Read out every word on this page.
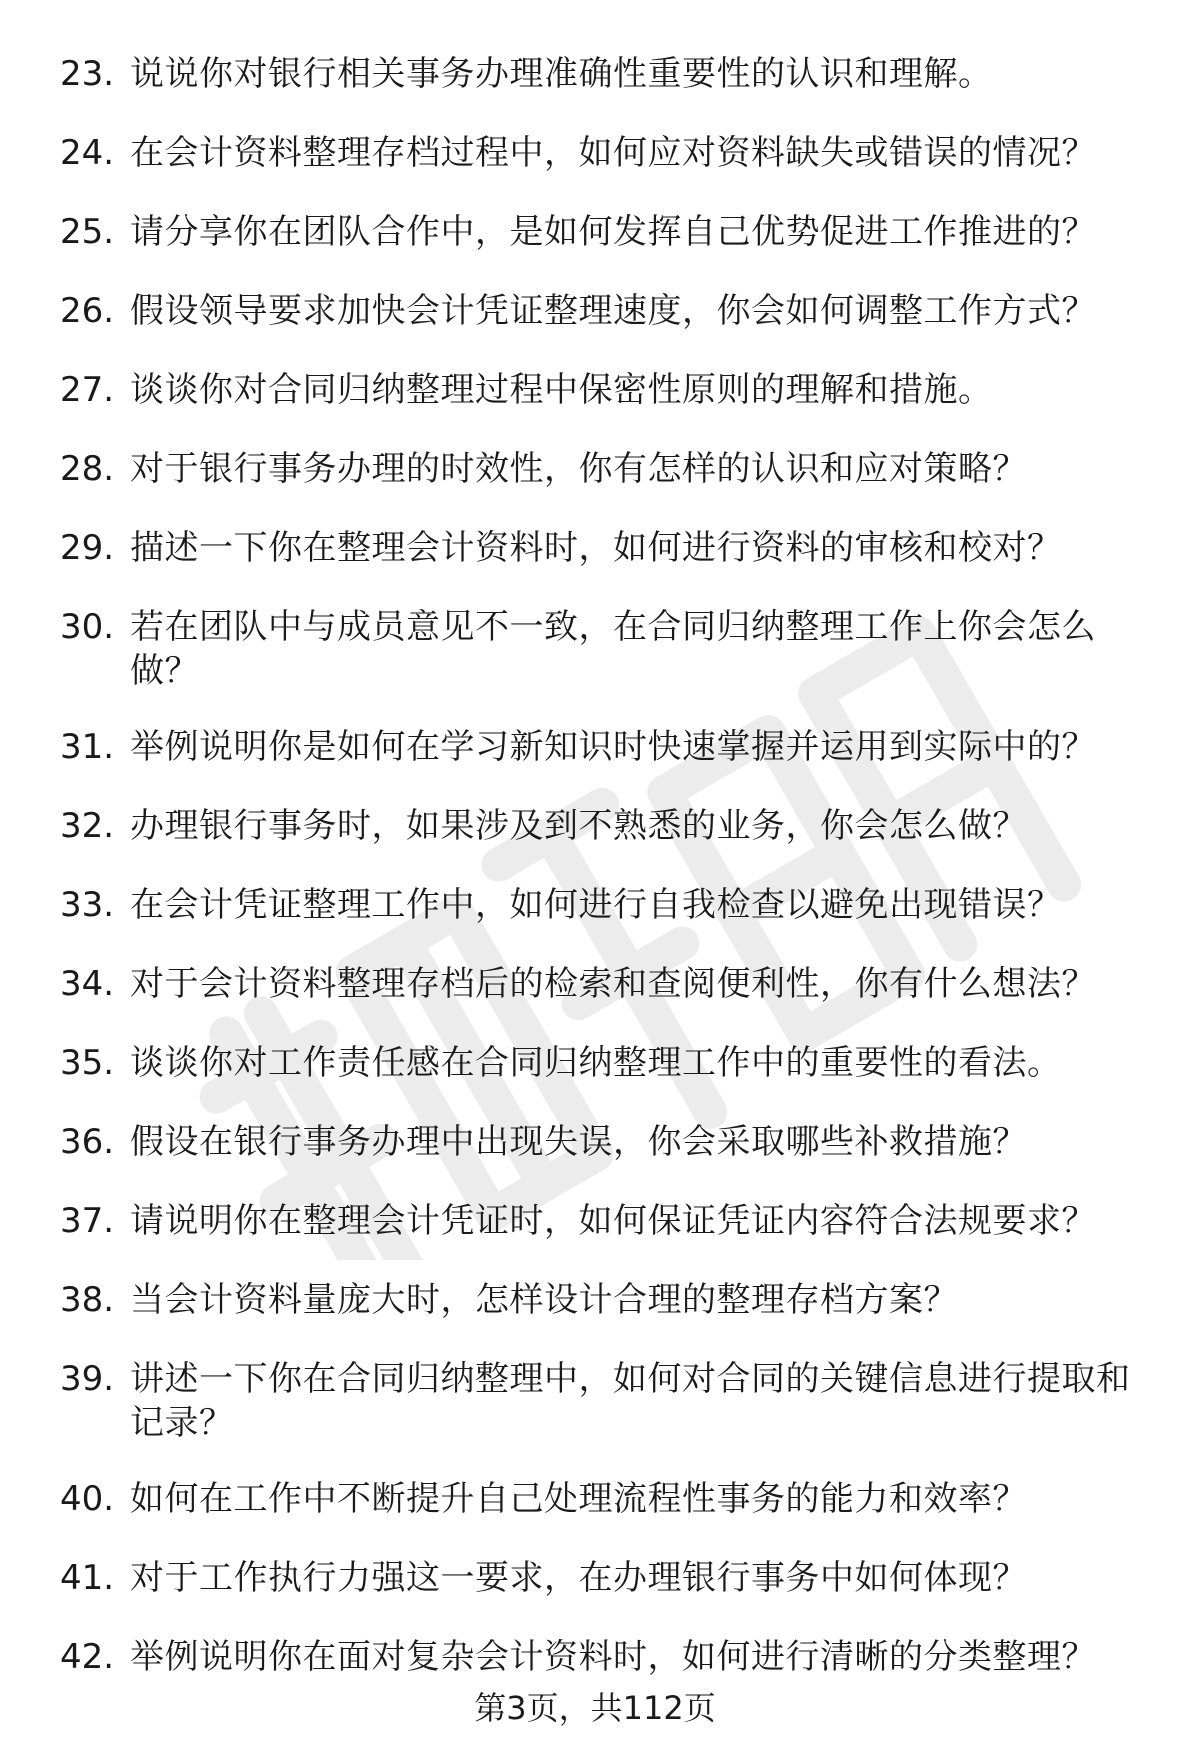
23. 说说你对银行相关事务办理准确性重要性的认识和理解。
24. 在会计资料整理存档过程中，如何应对资料缺失或错误的情况？
25. 请分享你在团队合作中，是如何发挥自己优势促进工作推进的？
26. 假设领导要求加快会计凭证整理速度，你会如何调整工作方式？
27. 谈谈你对合同归纳整理过程中保密性原则的理解和措施。
28. 对于银行事务办理的时效性，你有怎样的认识和应对策略？
29. 描述一下你在整理会计资料时，如何进行资料的审核和校对？
30. 若在团队中与成员意见不一致，在合同归纳整理工作上你会怎么做？
31. 举例说明你是如何在学习新知识时快速掌握并运用到实际中的？
32. 办理银行事务时，如果涉及到不熟悉的业务，你会怎么做？
33. 在会计凭证整理工作中，如何进行自我检查以避免出现错误？
34. 对于会计资料整理存档后的检索和查阅便利性，你有什么想法？
35. 谈谈你对工作责任感在合同归纳整理工作中的重要性的看法。
36. 假设在银行事务办理中出现失误，你会采取哪些补救措施？
37. 请说明你在整理会计凭证时，如何保证凭证内容符合法规要求？
38. 当会计资料量庞大时，怎样设计合理的整理存档方案？
39. 讲述一下你在合同归纳整理中，如何对合同的关键信息进行提取和记录？
40. 如何在工作中不断提升自己处理流程性事务的能力和效率？
41. 对于工作执行力强这一要求，在办理银行事务中如何体现？
42. 举例说明你在面对复杂会计资料时，如何进行清晰的分类整理？
第3页，共112页
